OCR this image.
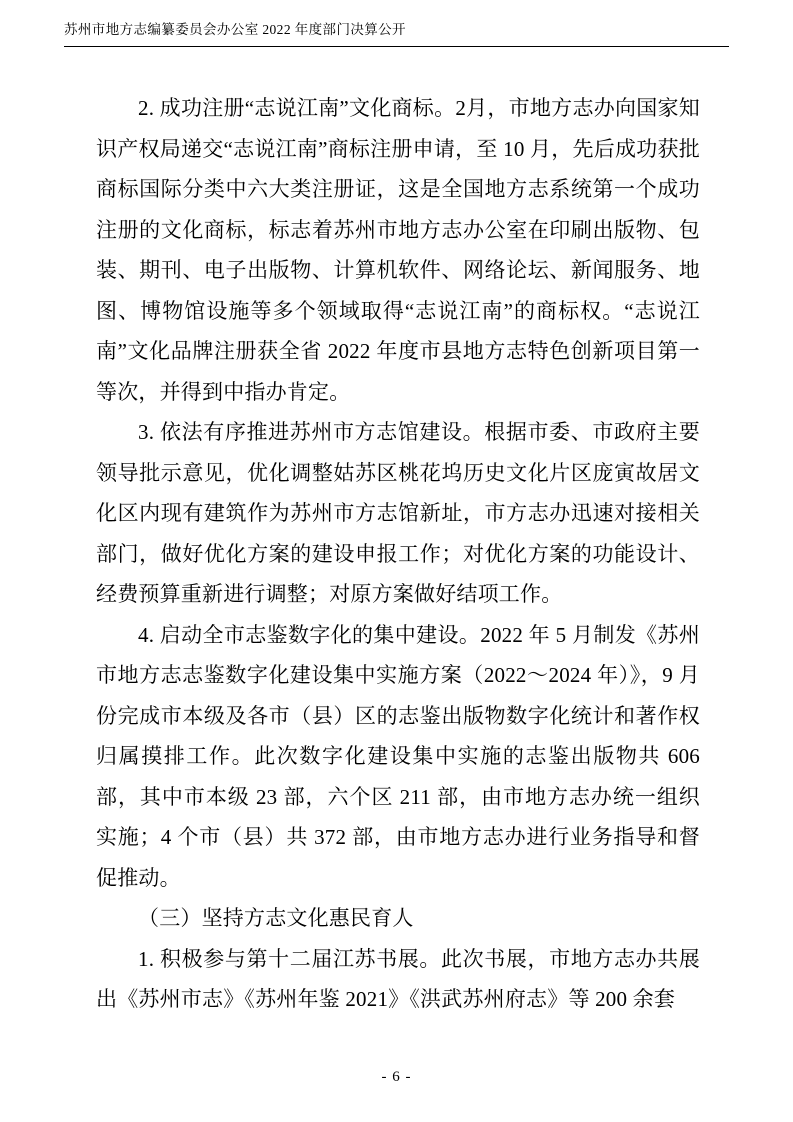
苏州市地方志编纂委员会办公室 2022 年度部门决算公开

2. 成功注册“志说江南”文化商标。2月，市地方志办向国家知识产权局递交“志说江南”商标注册申请，至 10 月，先后成功获批商标国际分类中六大类注册证，这是全国地方志系统第一个成功注册的文化商标，标志着苏州市地方志办公室在印刷出版物、包装、期刊、电子出版物、计算机软件、网络论坛、新闻服务、地图、博物馆设施等多个领域取得“志说江南”的商标权。“志说江南”文化品牌注册获全省 2022 年度市县地方志特色创新项目第一等次，并得到中指办肯定。

3. 依法有序推进苏州市方志馆建设。根据市委、市政府主要领导批示意见，优化调整姑苏区桃花坞历史文化片区庞寅故居文化区内现有建筑作为苏州市方志馆新址，市方志办迅速对接相关部门，做好优化方案的建设申报工作；对优化方案的功能设计、经费预算重新进行调整；对原方案做好结项工作。

4. 启动全市志鉴数字化的集中建设。2022 年 5 月制发《苏州市地方志志鉴数字化建设集中实施方案（2022～2024 年）》，9 月份完成市本级及各市（县）区的志鉴出版物数字化统计和著作权归属摸排工作。此次数字化建设集中实施的志鉴出版物共 606 部，其中市本级 23 部，六个区 211 部，由市地方志办统一组织实施；4 个市（县）共 372 部，由市地方志办进行业务指导和督促推动。

（三）坚持方志文化惠民育人

1. 积极参与第十二届江苏书展。此次书展，市地方志办共展出《苏州市志》《苏州年鉴 2021》《洪武苏州府志》等 200 余套

- 6 -
